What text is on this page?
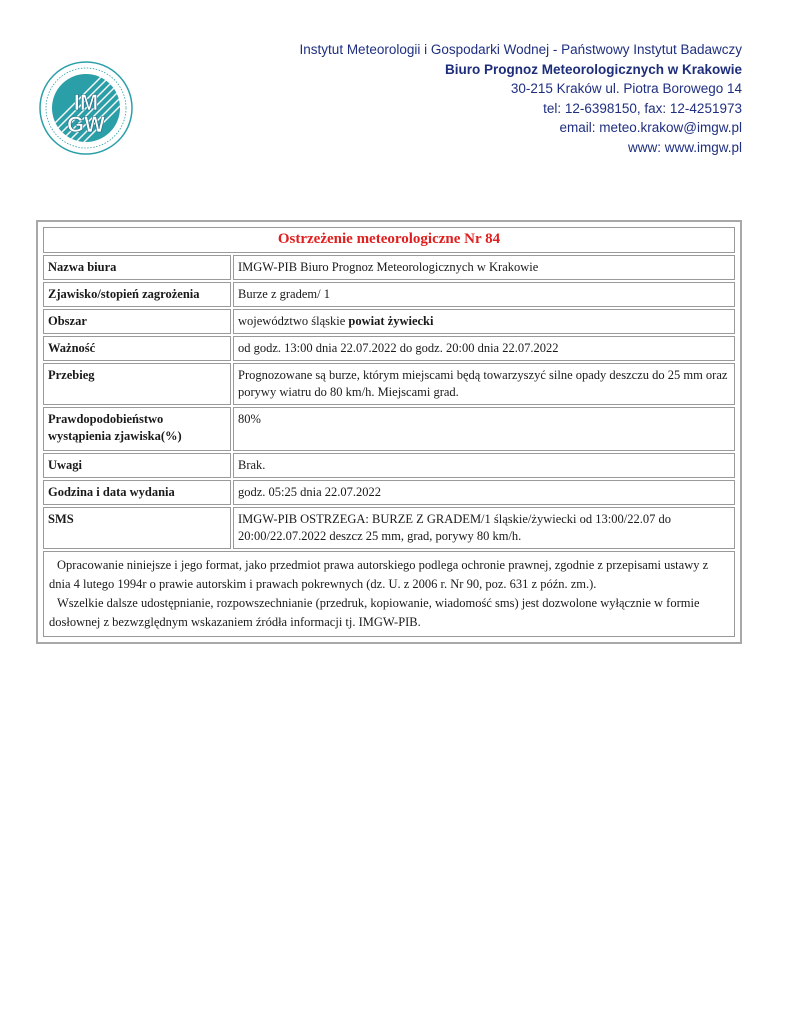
IM
GW
Instytut Meteorologii i Gospodarki Wodnej - Państwowy Instytut Badawczy
Biuro Prognoz Meteorologicznych w Krakowie
30-215 Kraków ul. Piotra Borowego 14
tel: 12-6398150, fax: 12-4251973
email: meteo.krakow@imgw.pl
www: www.imgw.pl
Ostrzeżenie meteorologiczne Nr 84	
Nazwa biura	IMGW-PIB Biuro Prognoz Meteorologicznych w Krakowie
Zjawisko/stopień zagrożenia	Burze z gradem/ 1
Obszar	województwo śląskie powiat żywiecki
Ważność	od godz. 13:00 dnia 22.07.2022 do godz. 20:00 dnia 22.07.2022
Przebieg	Prognozowane są burze, którym miejscami będą towarzyszyć silne opady deszczu do 25 mm oraz porywy wiatru do 80 km/h. Miejscami grad.
Prawdopodobieństwo wystąpienia zjawiska(%)	80%
Uwagi	Brak.
Godzina i data wydania	godz. 05:25 dnia 22.07.2022
SMS	IMGW-PIB OSTRZEGA: BURZE Z GRADEM/1 śląskie/żywiecki od 13:00/22.07 do 20:00/22.07.2022 deszcz 25 mm, grad, porywy 80 km/h.

Opracowanie niniejsze i jego format, jako przedmiot prawa autorskiego podlega ochronie prawnej, zgodnie z przepisami ustawy z dnia 4 lutego 1994r o prawie autorskim i prawach pokrewnych (dz. U. z 2006 r. Nr 90, poz. 631 z późn. zm.).

Wszelkie dalsze udostępnianie, rozpowszechnianie (przedruk, kopiowanie, wiadomość sms) jest dozwolone wyłącznie w formie dosłownej z bezwzględnym wskazaniem źródła informacji tj. IMGW-PIB.
